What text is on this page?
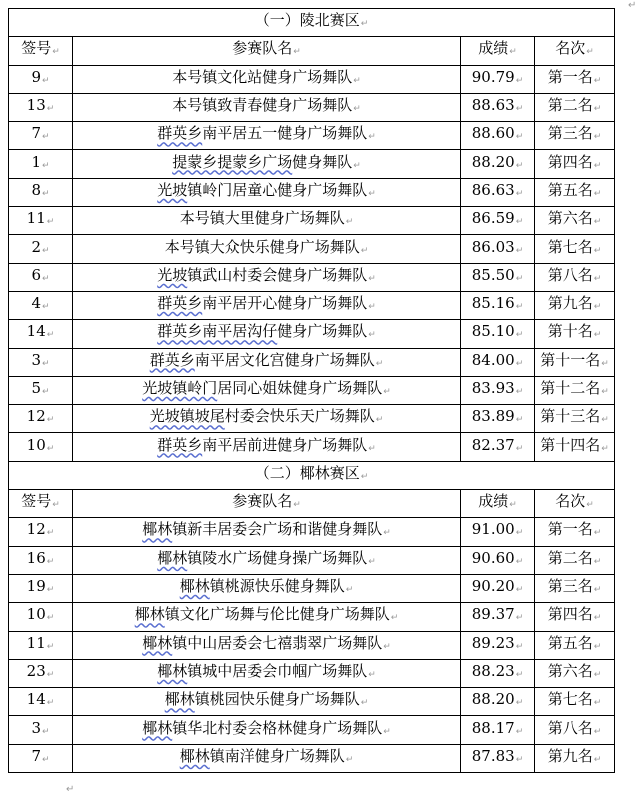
↵
（一）陵北赛区↵			
签号↵	参赛队名↵	成绩↵	名次↵
9↵	本号镇文化站健身广场舞队↵	90.79↵	第一名↵
13↵	本号镇致青春健身广场舞队↵	88.63↵	第二名↵
7↵	群英乡南平居五一健身广场舞队↵	88.60↵	第三名↵
1↵	提蒙乡提蒙乡广场健身舞队↵	88.20↵	第四名↵
8↵	光坡镇岭门居童心健身广场舞队↵	86.63↵	第五名↵
11↵	本号镇大里健身广场舞队↵	86.59↵	第六名↵
2↵	本号镇大众快乐健身广场舞队↵	86.03↵	第七名↵
6↵	光坡镇武山村委会健身广场舞队↵	85.50↵	第八名↵
4↵	群英乡南平居开心健身广场舞队↵	85.16↵	第九名↵
14↵	群英乡南平居沟仔健身广场舞队↵	85.10↵	第十名↵
3↵	群英乡南平居文化宫健身广场舞队↵	84.00↵	第十一名↵
5↵	光坡镇岭门居同心姐妹健身广场舞队↵	83.93↵	第十二名↵
12↵	光坡镇坡尾村委会快乐天广场舞队↵	83.89↵	第十三名↵
10↵	群英乡南平居前进健身广场舞队↵	82.37↵	第十四名↵
（二）椰林赛区↵			
签号↵	参赛队名↵	成绩↵	名次↵
12↵	椰林镇新丰居委会广场和谐健身舞队↵	91.00↵	第一名↵
16↵	椰林镇陵水广场健身操广场舞队↵	90.60↵	第二名↵
19↵	椰林镇桃源快乐健身舞队↵	90.20↵	第三名↵
10↵	椰林镇文化广场舞与伦比健身广场舞队↵	89.37↵	第四名↵
11↵	椰林镇中山居委会七禧翡翠广场舞队↵	89.23↵	第五名↵
23↵	椰林镇城中居委会巾帼广场舞队↵	88.23↵	第六名↵
14↵	椰林镇桃园快乐健身广场舞队↵	88.20↵	第七名↵
3↵	椰林镇华北村委会格林健身广场舞队↵	88.17↵	第八名↵
7↵	椰林镇南洋健身广场舞队↵	87.83↵	第九名↵
↵
